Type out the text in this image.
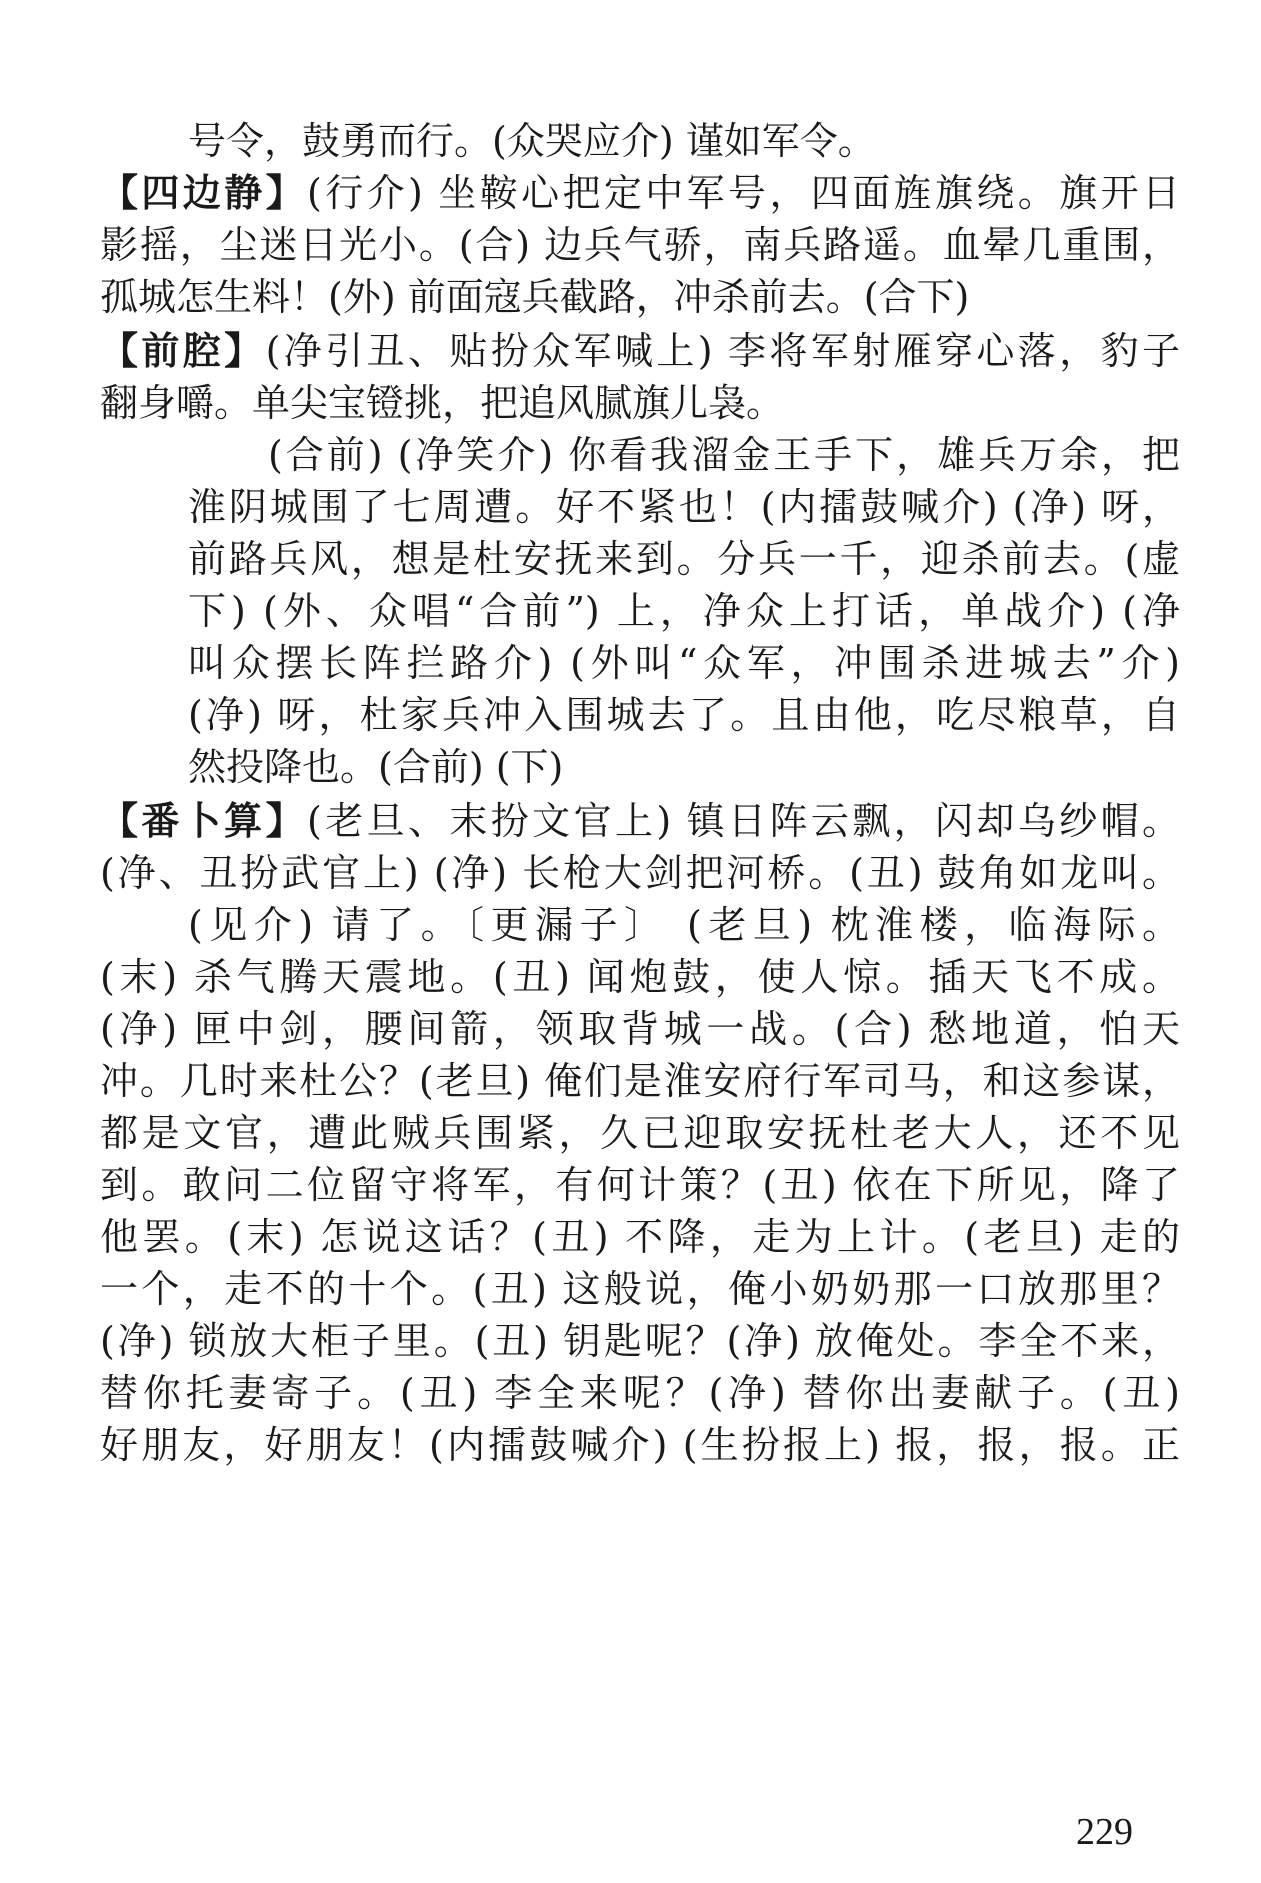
号令，鼓勇而行。(众哭应介) 谨如军令。
【四边静】(行介) 坐鞍心把定中军号，四面旌旗绕。旗开日
影摇，尘迷日光小。(合) 边兵气骄，南兵路遥。血晕几重围，
孤城怎生料！(外) 前面寇兵截路，冲杀前去。(合下)
【前腔】(净引丑、贴扮众军喊上) 李将军射雁穿心落，豹子
翻身嚼。单尖宝镫挑，把追风腻旗儿袅。
(合前) (净笑介) 你看我溜金王手下，雄兵万余，把
淮阴城围了七周遭。好不紧也！(内擂鼓喊介) (净) 呀，
前路兵风，想是杜安抚来到。分兵一千，迎杀前去。(虚
下) (外、众唱“合前”) 上，净众上打话，单战介) (净
叫众摆长阵拦路介) (外叫“众军，冲围杀进城去”介)
(净) 呀，杜家兵冲入围城去了。且由他，吃尽粮草，自
然投降也。(合前) (下)
【番卜算】(老旦、末扮文官上) 镇日阵云飘，闪却乌纱帽。
(净、丑扮武官上) (净) 长枪大剑把河桥。(丑) 鼓角如龙叫。
(见介) 请了。〔更漏子〕 (老旦) 枕淮楼，临海际。
(末) 杀气腾天震地。(丑) 闻炮鼓，使人惊。插天飞不成。
(净) 匣中剑，腰间箭，领取背城一战。(合) 愁地道，怕天
冲。几时来杜公？(老旦) 俺们是淮安府行军司马，和这参谋，
都是文官，遭此贼兵围紧，久已迎取安抚杜老大人，还不见
到。敢问二位留守将军，有何计策？(丑) 依在下所见，降了
他罢。(末) 怎说这话？(丑) 不降，走为上计。(老旦) 走的
一个，走不的十个。(丑) 这般说，俺小奶奶那一口放那里？
(净) 锁放大柜子里。(丑) 钥匙呢？(净) 放俺处。李全不来，
替你托妻寄子。(丑) 李全来呢？(净) 替你出妻献子。(丑)
好朋友，好朋友！(内擂鼓喊介) (生扮报上) 报，报，报。正
229
